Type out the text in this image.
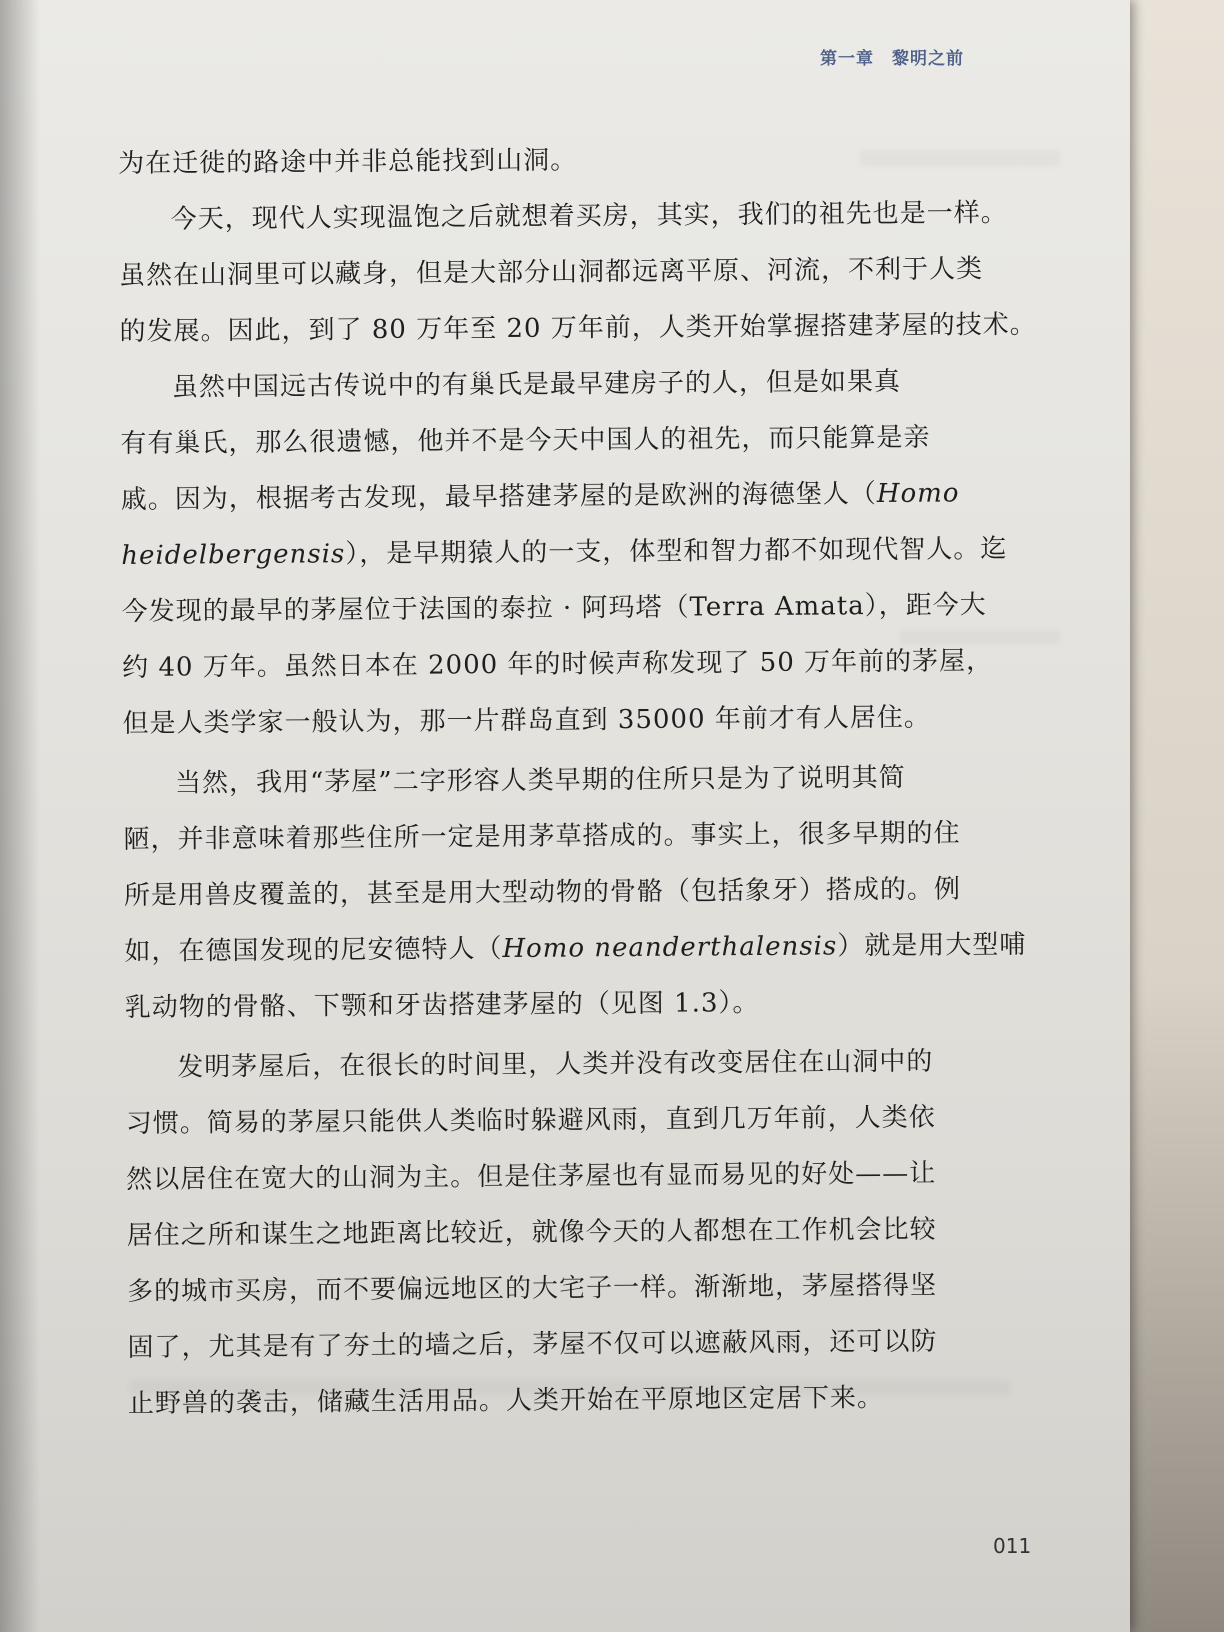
第一章　黎明之前
为在迁徙的路途中并非总能找到山洞。
今天，现代人实现温饱之后就想着买房，其实，我们的祖先也是一样。
虽然在山洞里可以藏身，但是大部分山洞都远离平原、河流，不利于人类
的发展。因此，到了 80 万年至 20 万年前，人类开始掌握搭建茅屋的技术。
虽然中国远古传说中的有巢氏是最早建房子的人，但是如果真
有有巢氏，那么很遗憾，他并不是今天中国人的祖先，而只能算是亲
戚。因为，根据考古发现，最早搭建茅屋的是欧洲的海德堡人（Homo
heidelbergensis），是早期猿人的一支，体型和智力都不如现代智人。迄
今发现的最早的茅屋位于法国的泰拉 · 阿玛塔（Terra Amata），距今大
约 40 万年。虽然日本在 2000 年的时候声称发现了 50 万年前的茅屋，
但是人类学家一般认为，那一片群岛直到 35000 年前才有人居住。
当然，我用“茅屋”二字形容人类早期的住所只是为了说明其简
陋，并非意味着那些住所一定是用茅草搭成的。事实上，很多早期的住
所是用兽皮覆盖的，甚至是用大型动物的骨骼（包括象牙）搭成的。例
如，在德国发现的尼安德特人（Homo neanderthalensis）就是用大型哺
乳动物的骨骼、下颚和牙齿搭建茅屋的（见图 1.3）。
发明茅屋后，在很长的时间里，人类并没有改变居住在山洞中的
习惯。简易的茅屋只能供人类临时躲避风雨，直到几万年前，人类依
然以居住在宽大的山洞为主。但是住茅屋也有显而易见的好处——让
居住之所和谋生之地距离比较近，就像今天的人都想在工作机会比较
多的城市买房，而不要偏远地区的大宅子一样。渐渐地，茅屋搭得坚
固了，尤其是有了夯土的墙之后，茅屋不仅可以遮蔽风雨，还可以防
止野兽的袭击，储藏生活用品。人类开始在平原地区定居下来。
011
